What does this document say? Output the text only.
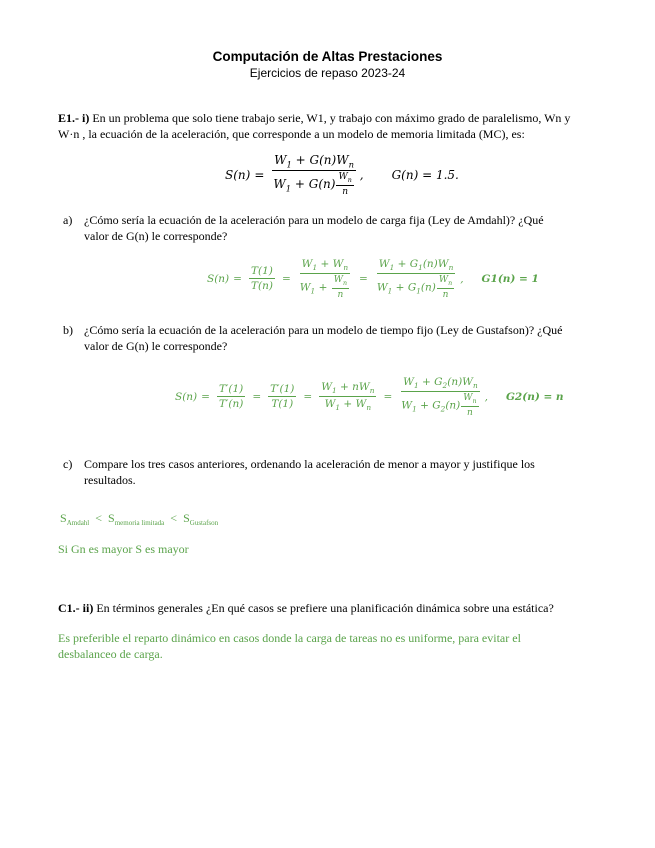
Computación de Altas Prestaciones
Ejercicios de repaso 2023-24
E1.- i) En un problema que solo tiene trabajo serie, W1, y trabajo con máximo grado de paralelismo, Wn y
W·n , la ecuación de la aceleración, que corresponde a un modelo de memoria limitada (MC), es:
$S(n) = \frac{W_1 + G(n)W_n}{W_1 + G(n) \frac{W_n}{n}}$ , G(n) = 1.5.
a) ¿Cómo sería la ecuación de la aceleración para un modelo de carga fija (Ley de Amdahl)? ¿Qué
valor de G(n) le corresponde?
$S(n) = \frac{T(1)}{T(n)} = \frac{W_1 + W_n}{W_1 + \frac{W_n}{n}} = \frac{W_1 + G_1(n)W_n}{W_1 + G_1(n) \frac{W_n}{n}}$ , G1(n) = 1
b) ¿Cómo sería la ecuación de la aceleración para un modelo de tiempo fijo (Ley de Gustafson)? ¿Qué
valor de G(n) le corresponde?
$S(n) = \frac{T'(1)}{T'(n)} = \frac{T'(1)}{T(1)} = \frac{W_1 + nW_n}{W_1 + W_n} = \frac{W_1 + G_2(n)W_n}{W_1 + G_2(n) \frac{W_n}{n}}$ , G2(n) = n
c) Compare los tres casos anteriores, ordenando la aceleración de menor a mayor y justifique los
resultados.
$S_{Amdahl} < S_{memoria limitada} < S_{Gustafson}$
Si Gn es mayor S es mayor
C1.- ii) En términos generales ¿En qué casos se prefiere una planificación dinámica sobre una estática?
Es preferible el reparto dinámico en casos donde la carga de tareas no es uniforme, para evitar el
desbalanceo de carga.
